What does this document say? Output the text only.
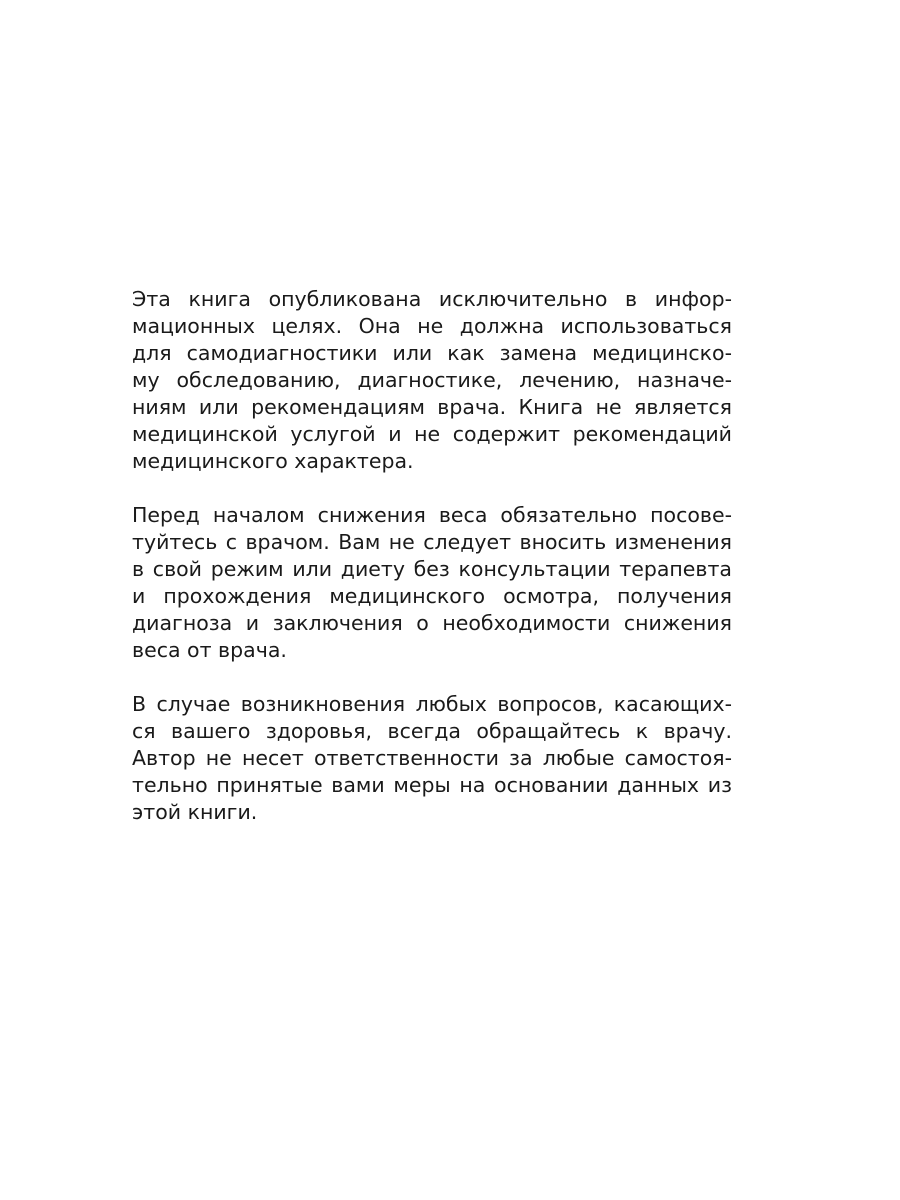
Эта книга опубликована исключительно в инфор-
мационных целях. Она не должна использоваться
для самодиагностики или как замена медицинско-
му обследованию, диагностике, лечению, назначе-
ниям или рекомендациям врача. Книга не является
медицинской услугой и не содержит рекомендаций
медицинского характера.

Перед началом снижения веса обязательно посове-
туйтесь с врачом. Вам не следует вносить изменения
в свой режим или диету без консультации терапевта
и прохождения медицинского осмотра, получения
диагноза и заключения о необходимости снижения
веса от врача.

В случае возникновения любых вопросов, касающих-
ся вашего здоровья, всегда обращайтесь к врачу.
Автор не несет ответственности за любые самостоя-
тельно принятые вами меры на основании данных из
этой книги.
